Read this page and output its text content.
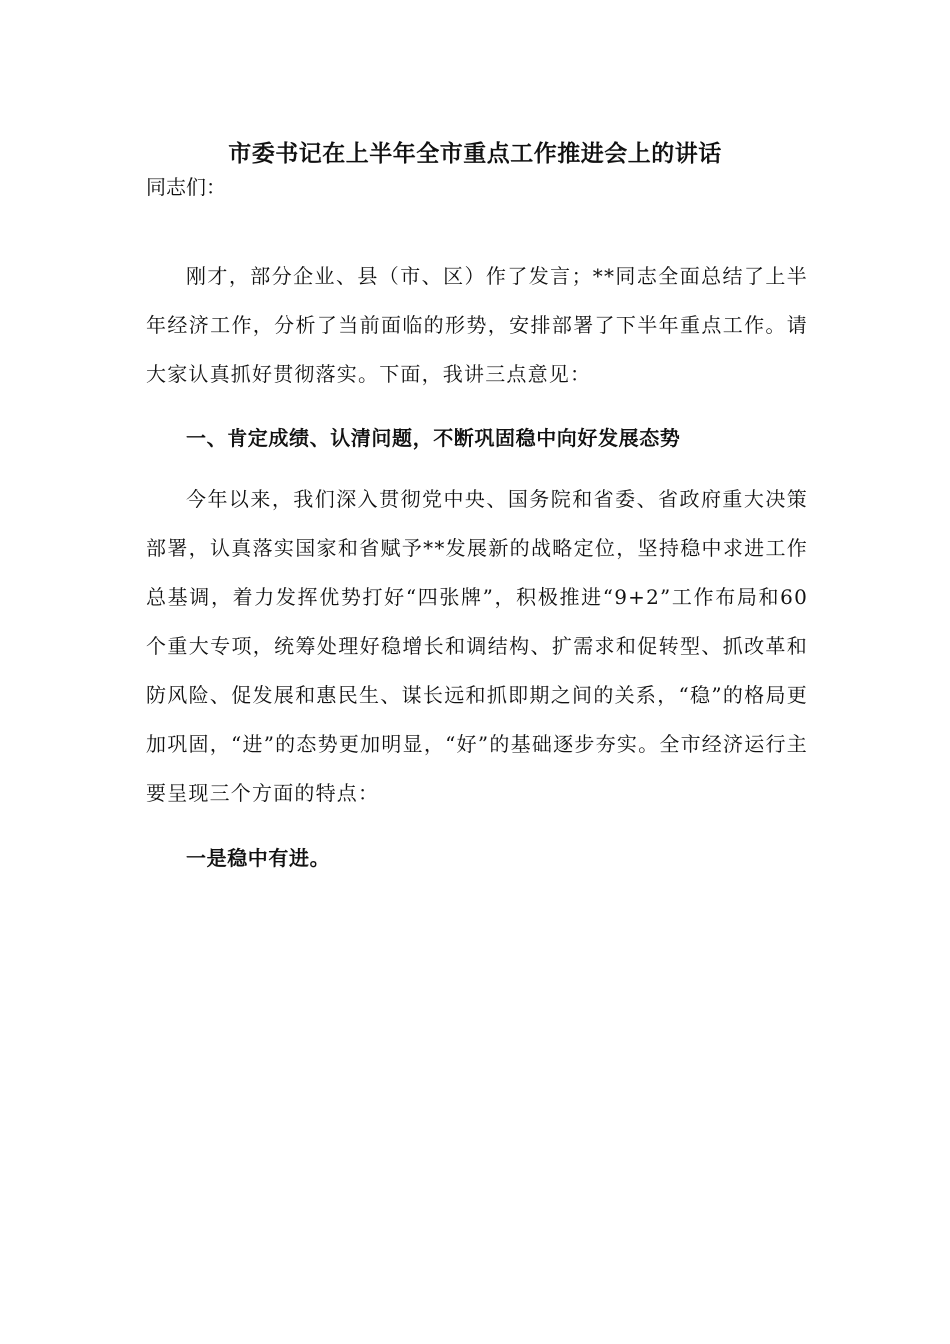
市委书记在上半年全市重点工作推进会上的讲话
同志们：

刚才，部分企业、县（市、区）作了发言；**同志全面总结了上半年经济工作，分析了当前面临的形势，安排部署了下半年重点工作。请大家认真抓好贯彻落实。下面，我讲三点意见：

一、肯定成绩、认清问题，不断巩固稳中向好发展态势

今年以来，我们深入贯彻党中央、国务院和省委、省政府重大决策部署，认真落实国家和省赋予**发展新的战略定位，坚持稳中求进工作总基调，着力发挥优势打好“四张牌”，积极推进“9+2”工作布局和60个重大专项，统筹处理好稳增长和调结构、扩需求和促转型、抓改革和防风险、促发展和惠民生、谋长远和抓即期之间的关系，“稳”的格局更加巩固，“进”的态势更加明显，“好”的基础逐步夯实。全市经济运行主要呈现三个方面的特点：

一是稳中有进。
